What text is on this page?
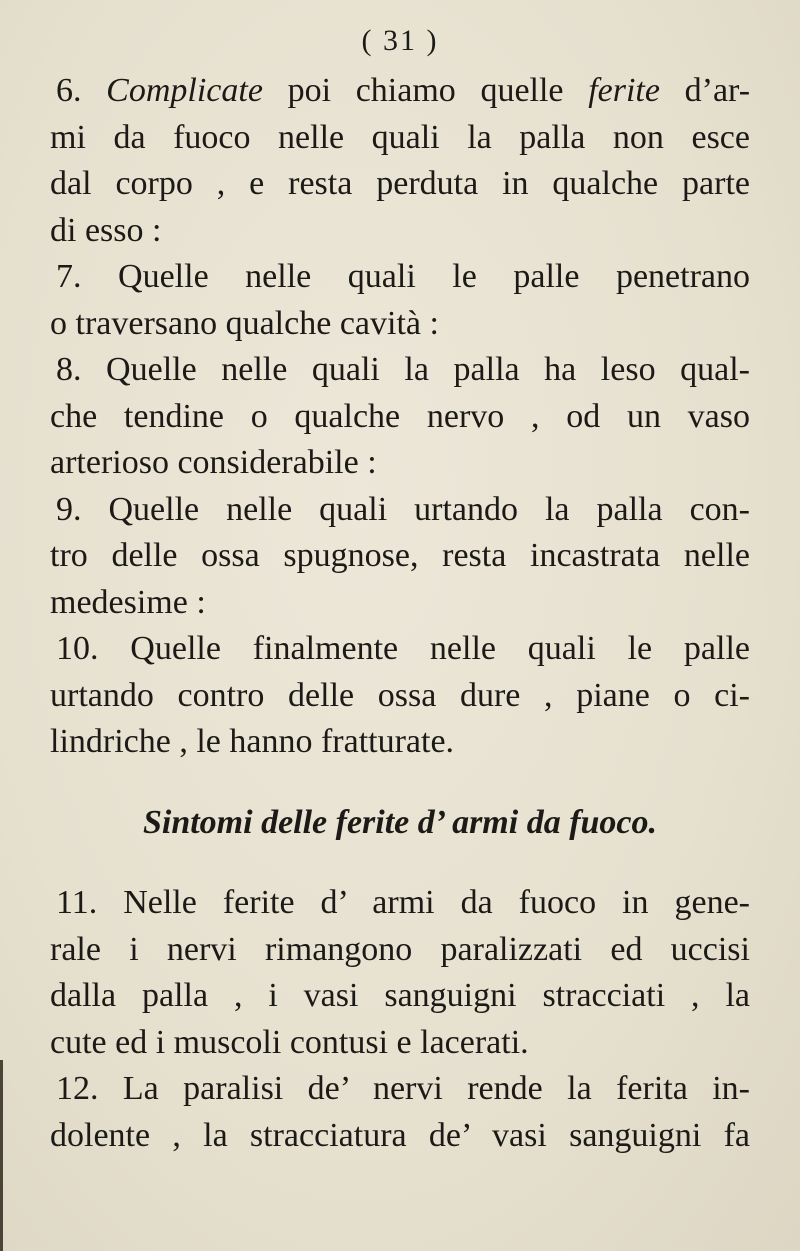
( 31 )
6. Complicate poi chiamo quelle ferite d’ar-
mi da fuoco nelle quali la palla non esce
dal corpo , e resta perduta in qualche parte
di esso :
7. Quelle nelle quali le palle penetrano
o traversano qualche cavità :
8. Quelle nelle quali la palla ha leso qual-
che tendine o qualche nervo , od un vaso
arterioso considerabile :
9. Quelle nelle quali urtando la palla con-
tro delle ossa spugnose, resta incastrata nelle
medesime :
10. Quelle finalmente nelle quali le palle
urtando contro delle ossa dure , piane o ci-
lindriche , le hanno fratturate.
Sintomi delle ferite d’ armi da fuoco.
11. Nelle ferite d’ armi da fuoco in gene-
rale i nervi rimangono paralizzati ed uccisi
dalla palla , i vasi sanguigni stracciati , la
cute ed i muscoli contusi e lacerati.
12. La paralisi de’ nervi rende la ferita in-
dolente , la stracciatura de’ vasi sanguigni fa
